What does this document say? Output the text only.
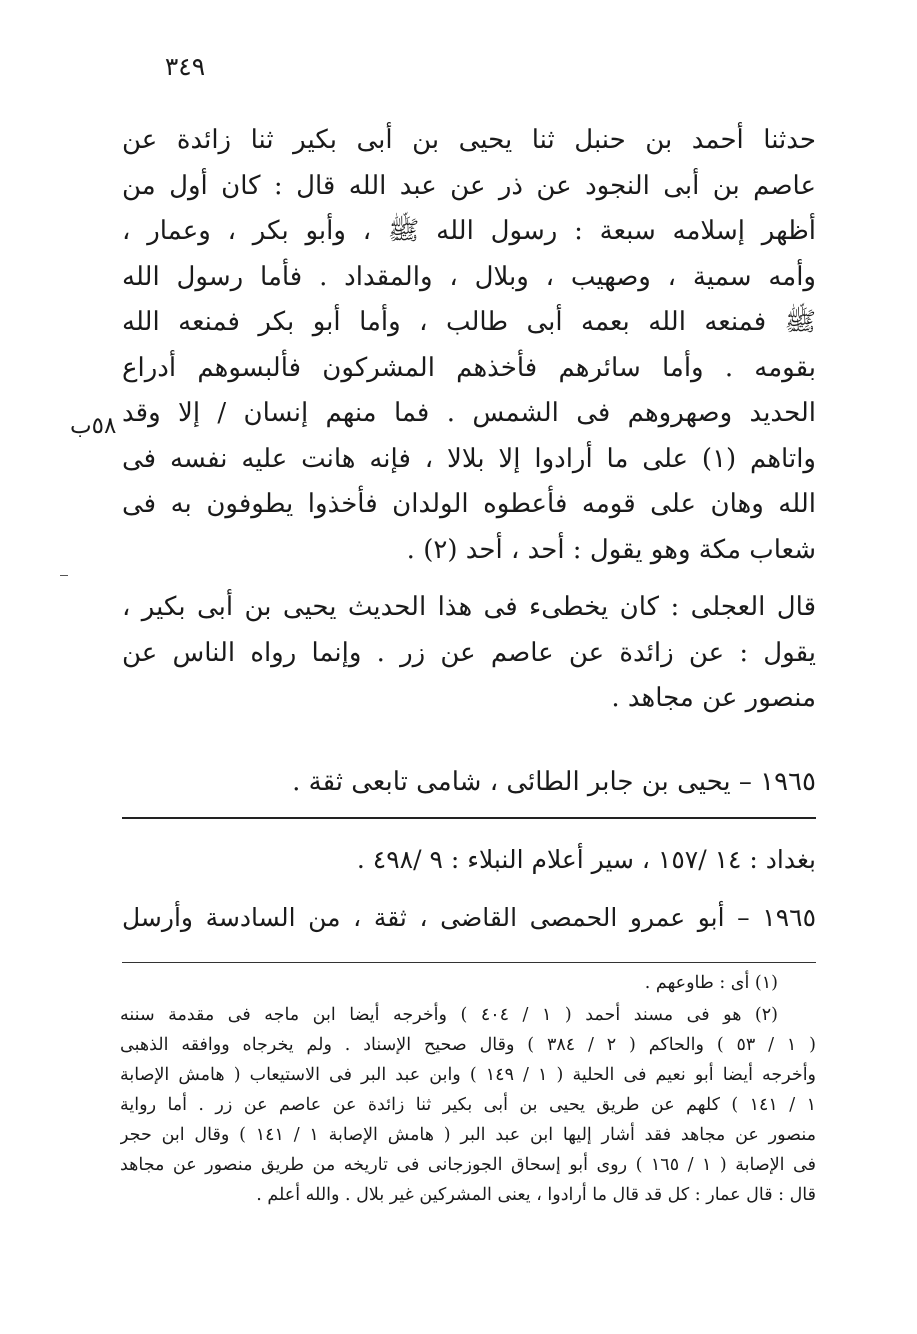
٣٤٩
حدثنا أحمد بن حنبل ثنا يحيى بن أبى بكير ثنا زائدة عن
عاصم بن أبى النجود عن ذر عن عبد الله قال : كان أول من
أظهر إسلامه سبعة : رسول الله ﷺ ، وأبو بكر ، وعمار ،
وأمه سمية ، وصهيب ، وبلال ، والمقداد . فأما رسول الله
ﷺ فمنعه الله بعمه أبى طالب ، وأما أبو بكر فمنعه الله
بقومه . وأما سائرهم فأخذهم المشركون فألبسوهم أدراع
الحديد وصهروهم فى الشمس . فما منهم إنسان / إلا وقد
واتاهم (١) على ما أرادوا إلا بلالا ، فإنه هانت عليه نفسه فى
الله وهان على قومه فأعطوه الولدان فأخذوا يطوفون به فى
شعاب مكة وهو يقول : أحد ، أحد (٢) .
قال العجلى : كان يخطىء فى هذا الحديث يحيى بن أبى بكير ،
يقول : عن زائدة عن عاصم عن زر . وإنما رواه الناس عن
منصور عن مجاهد .
٥٨ب
١٩٦٥ – يحيى بن جابر الطائى ، شامى تابعى ثقة .
بغداد : ١٤ /١٥٧ ، سير أعلام النبلاء : ٩ /٤٩٨ .
١٩٦٥ – أبو عمرو الحمصى القاضى ، ثقة ، من السادسة وأرسل
(١) أى : طاوعهم .
(٢) هو فى مسند أحمد ( ١ / ٤٠٤ ) وأخرجه أيضا ابن ماجه فى مقدمة سننه
( ١ / ٥٣ ) والحاكم ( ٢ / ٣٨٤ ) وقال صحيح الإسناد . ولم يخرجاه ووافقه الذهبى
وأخرجه أيضا أبو نعيم فى الحلية ( ١ / ١٤٩ ) وابن عبد البر فى الاستيعاب ( هامش الإصابة
١ / ١٤١ ) كلهم عن طريق يحيى بن أبى بكير ثنا زائدة عن عاصم عن زر . أما رواية
منصور عن مجاهد فقد أشار إليها ابن عبد البر ( هامش الإصابة ١ / ١٤١ ) وقال ابن حجر
فى الإصابة ( ١ / ١٦٥ ) روى أبو إسحاق الجوزجانى فى تاريخه من طريق منصور عن مجاهد
قال : قال عمار : كل قد قال ما أرادوا ، يعنى المشركين غير بلال . والله أعلم .
